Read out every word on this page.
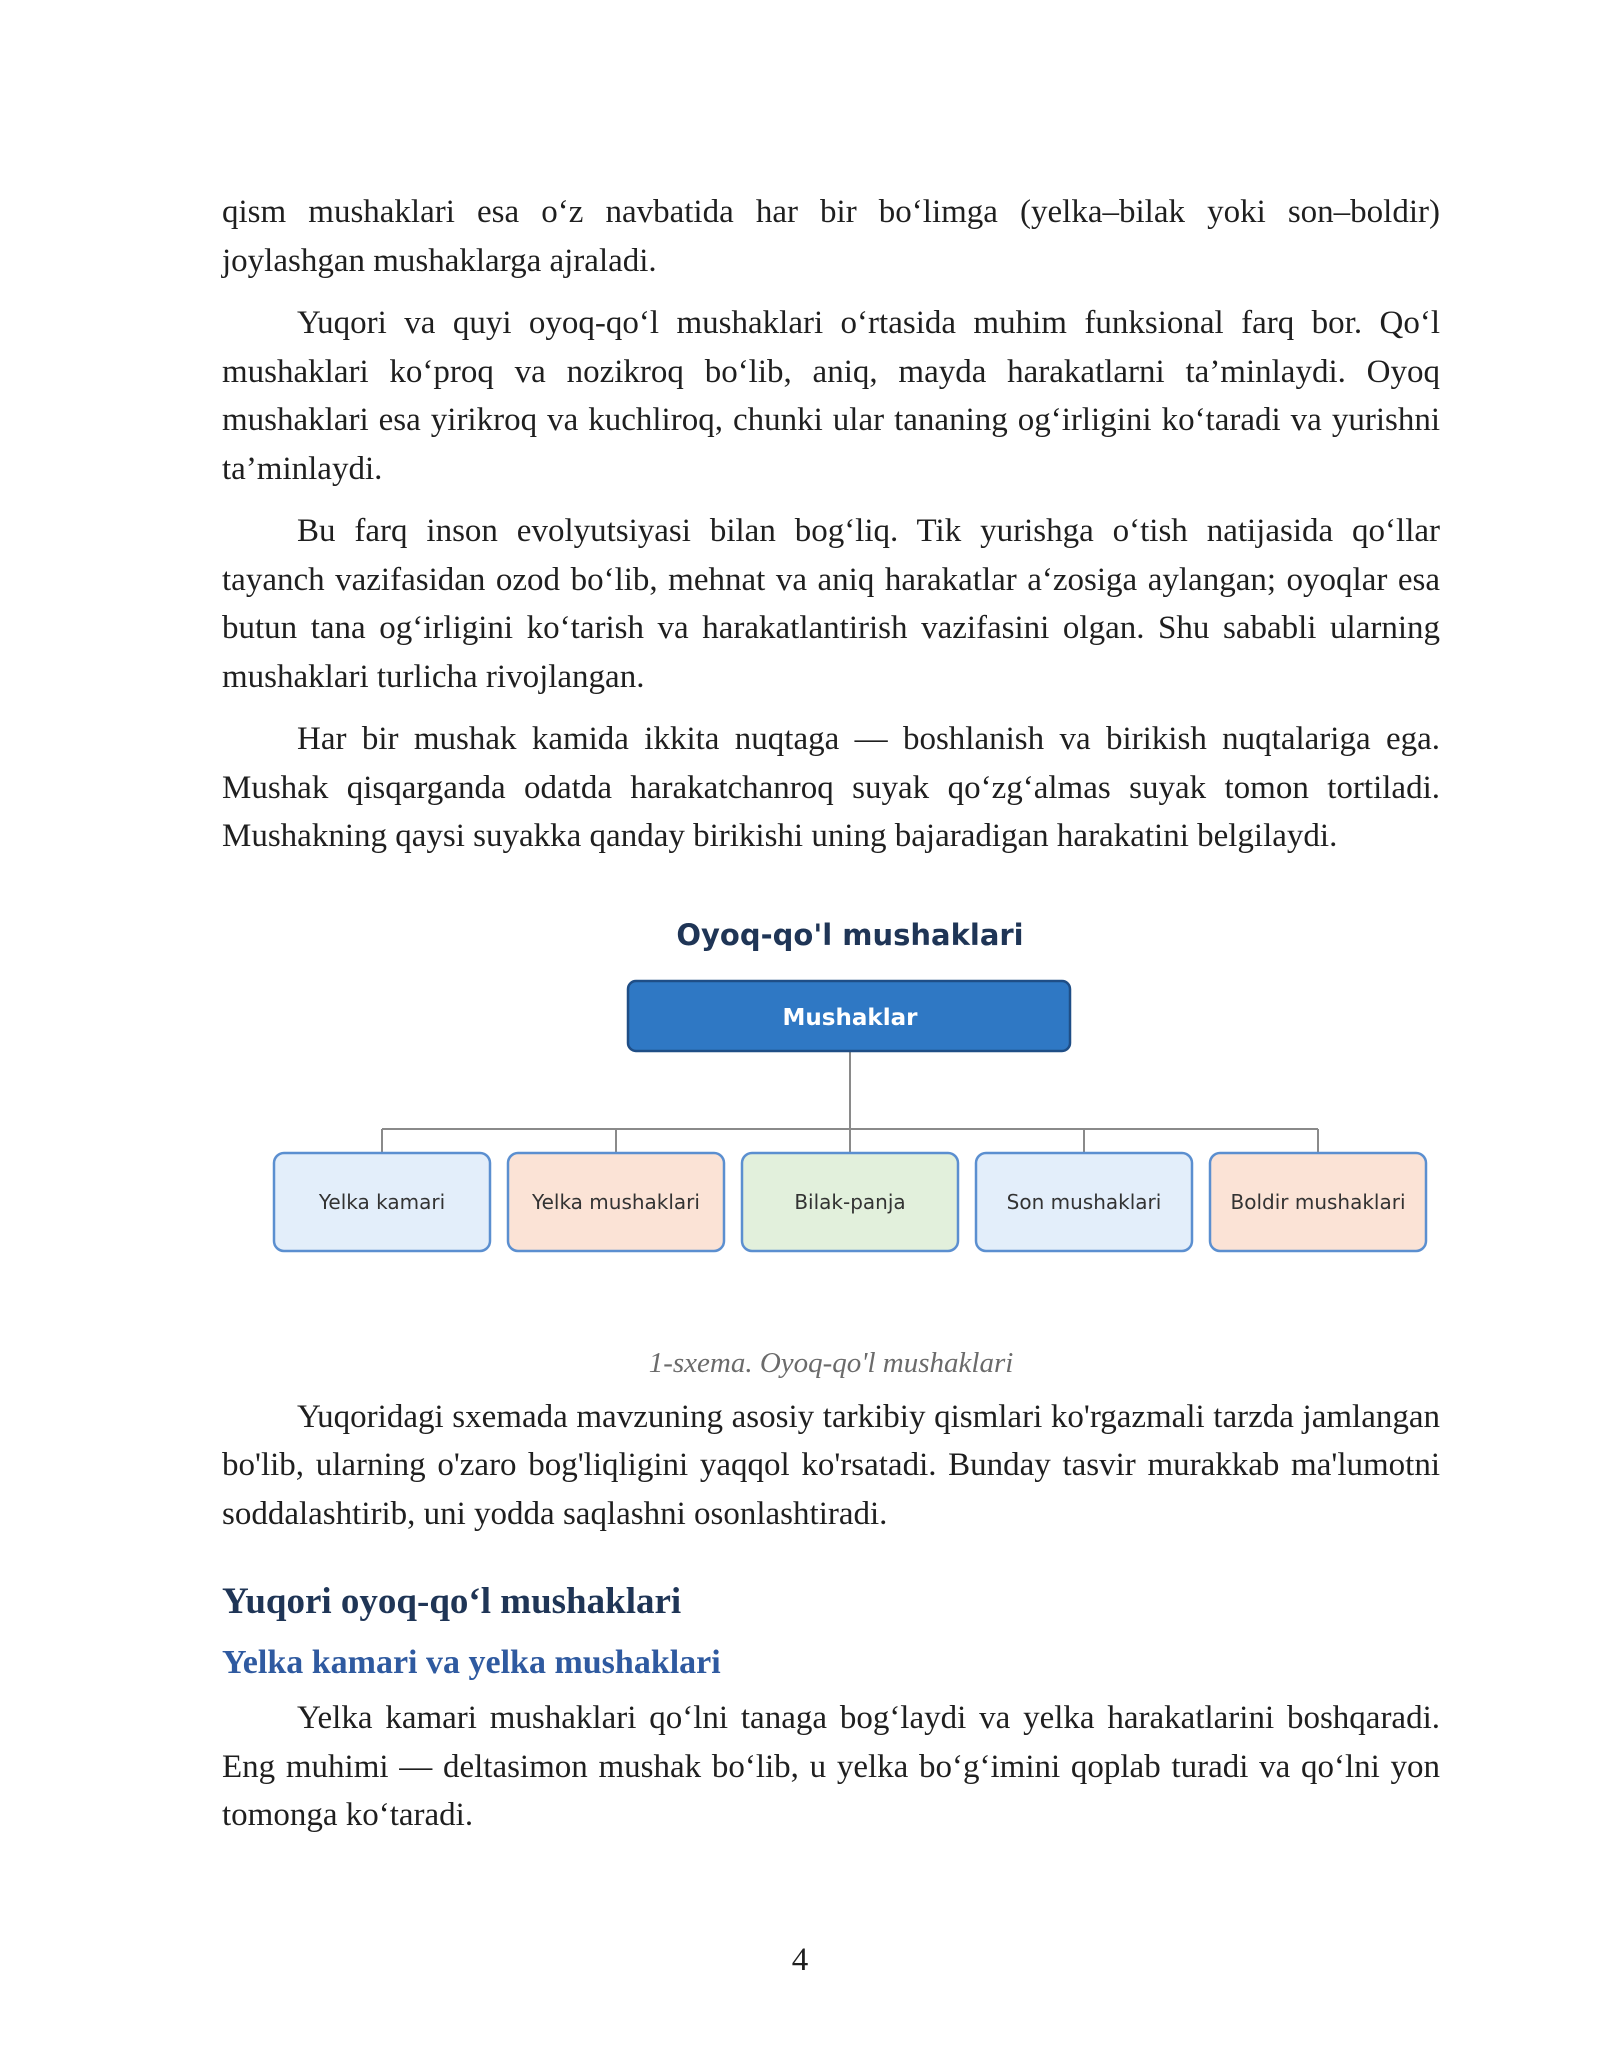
qism mushaklari esa o‘z navbatida har bir bo‘limga (yelka–bilak yoki son–boldir) joylashgan mushaklarga ajraladi.

Yuqori va quyi oyoq-qo‘l mushaklari o‘rtasida muhim funksional farq bor. Qo‘l mushaklari ko‘proq va nozikroq bo‘lib, aniq, mayda harakatlarni ta’minlaydi. Oyoq mushaklari esa yirikroq va kuchliroq, chunki ular tananing og‘irligini ko‘taradi va yurishni ta’minlaydi.

Bu farq inson evolyutsiyasi bilan bog‘liq. Tik yurishga o‘tish natijasida qo‘llar tayanch vazifasidan ozod bo‘lib, mehnat va aniq harakatlar a‘zosiga aylangan; oyoqlar esa butun tana og‘irligini ko‘tarish va harakatlantirish vazifasini olgan. Shu sababli ularning mushaklari turlicha rivojlangan.

Har bir mushak kamida ikkita nuqtaga — boshlanish va birikish nuqtalariga ega. Mushak qisqarganda odatda harakatchanroq suyak qo‘zg‘almas suyak tomon tortiladi. Mushakning qaysi suyakka qanday birikishi uning bajaradigan harakatini belgilaydi.

Oyoq-qo'l mushaklari
Mushaklar
Yelka kamari	Yelka mushaklari	Bilak-panja	Son mushaklari	Boldir mushaklari
1-sxema. Oyoq-qo'l mushaklari

Yuqoridagi sxemada mavzuning asosiy tarkibiy qismlari ko'rgazmali tarzda jamlangan bo'lib, ularning o'zaro bog'liqligini yaqqol ko'rsatadi. Bunday tasvir murakkab ma'lumotni soddalashtirib, uni yodda saqlashni osonlashtiradi.

Yuqori oyoq-qo‘l mushaklari
Yelka kamari va yelka mushaklari

Yelka kamari mushaklari qo‘lni tanaga bog‘laydi va yelka harakatlarini boshqaradi. Eng muhimi — deltasimon mushak bo‘lib, u yelka bo‘g‘imini qoplab turadi va qo‘lni yon tomonga ko‘taradi.

4
